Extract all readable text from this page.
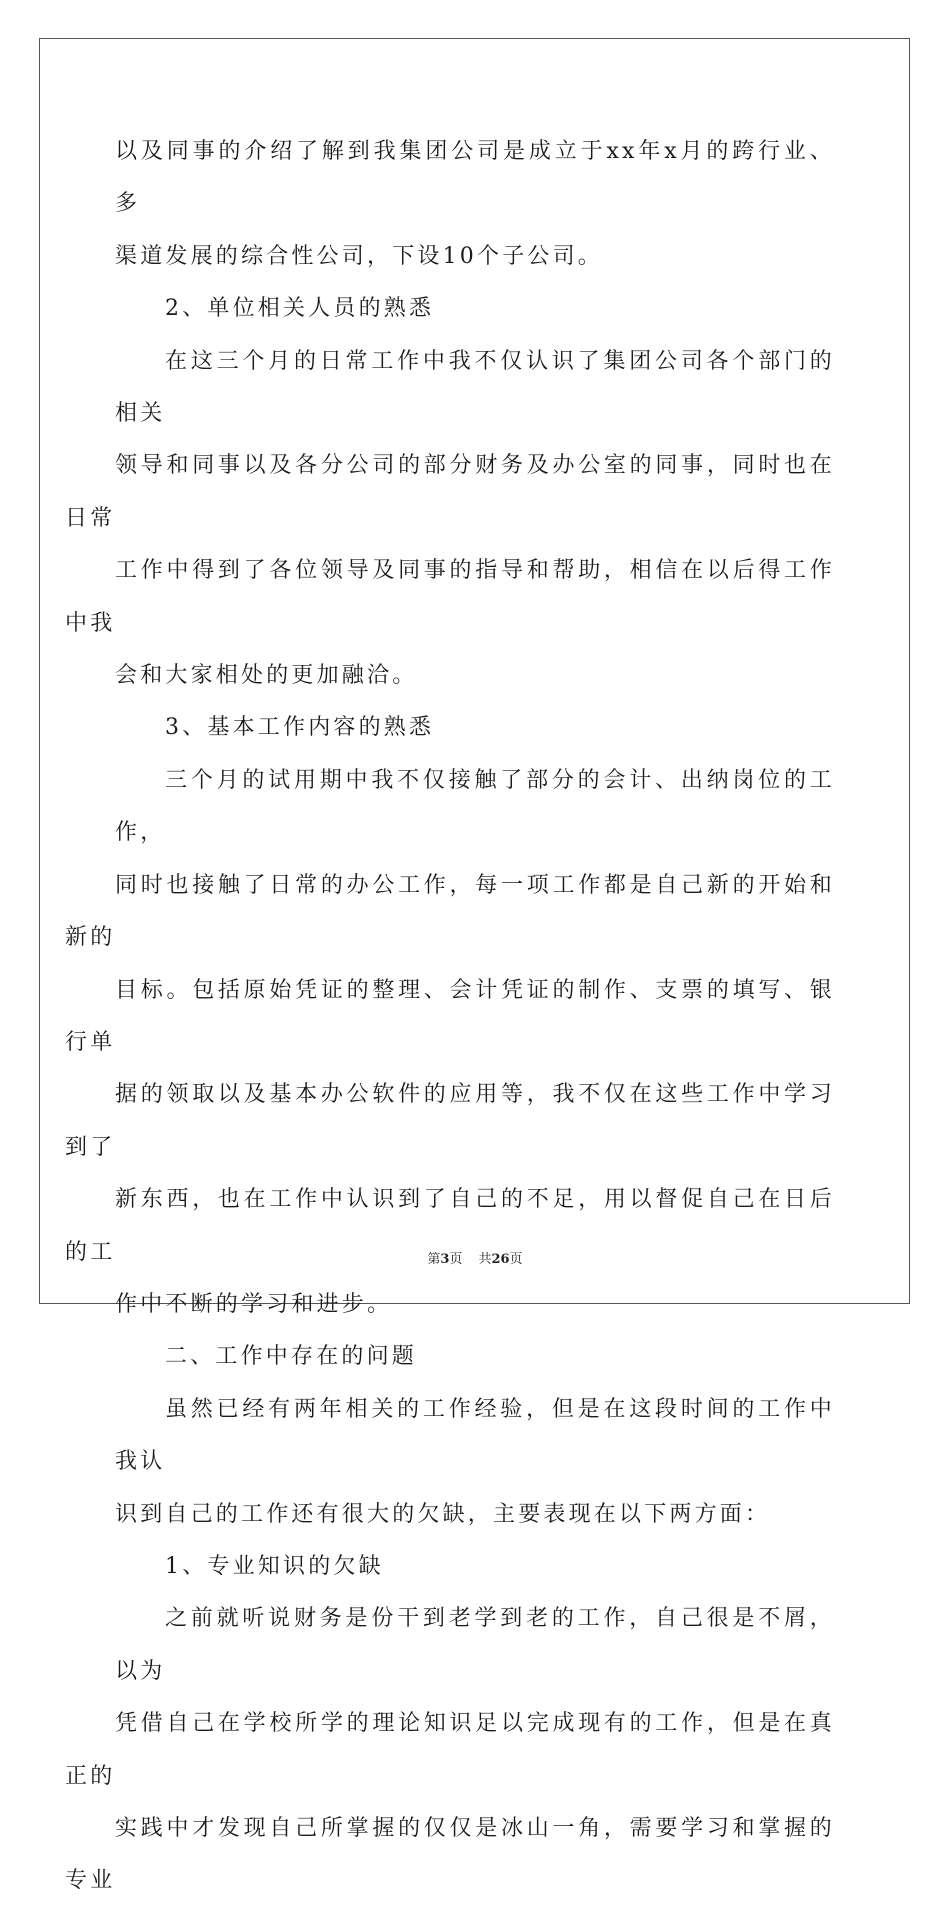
以及同事的介绍了解到我集团公司是成立于xx年x月的跨行业、多
渠道发展的综合性公司，下设10个子公司。

2、单位相关人员的熟悉

在这三个月的日常工作中我不仅认识了集团公司各个部门的相关
领导和同事以及各分公司的部分财务及办公室的同事，同时也在日常
工作中得到了各位领导及同事的指导和帮助，相信在以后得工作中我
会和大家相处的更加融洽。

3、基本工作内容的熟悉

三个月的试用期中我不仅接触了部分的会计、出纳岗位的工作，
同时也接触了日常的办公工作，每一项工作都是自己新的开始和新的
目标。包括原始凭证的整理、会计凭证的制作、支票的填写、银行单
据的领取以及基本办公软件的应用等，我不仅在这些工作中学习到了
新东西，也在工作中认识到了自己的不足，用以督促自己在日后的工
作中不断的学习和进步。

二、工作中存在的问题

虽然已经有两年相关的工作经验，但是在这段时间的工作中我认
识到自己的工作还有很大的欠缺，主要表现在以下两方面：

1、专业知识的欠缺

之前就听说财务是份干到老学到老的工作，自己很是不屑，以为
凭借自己在学校所学的理论知识足以完成现有的工作，但是在真正的
实践中才发现自己所掌握的仅仅是冰山一角，需要学习和掌握的专业

第3页 共26页
